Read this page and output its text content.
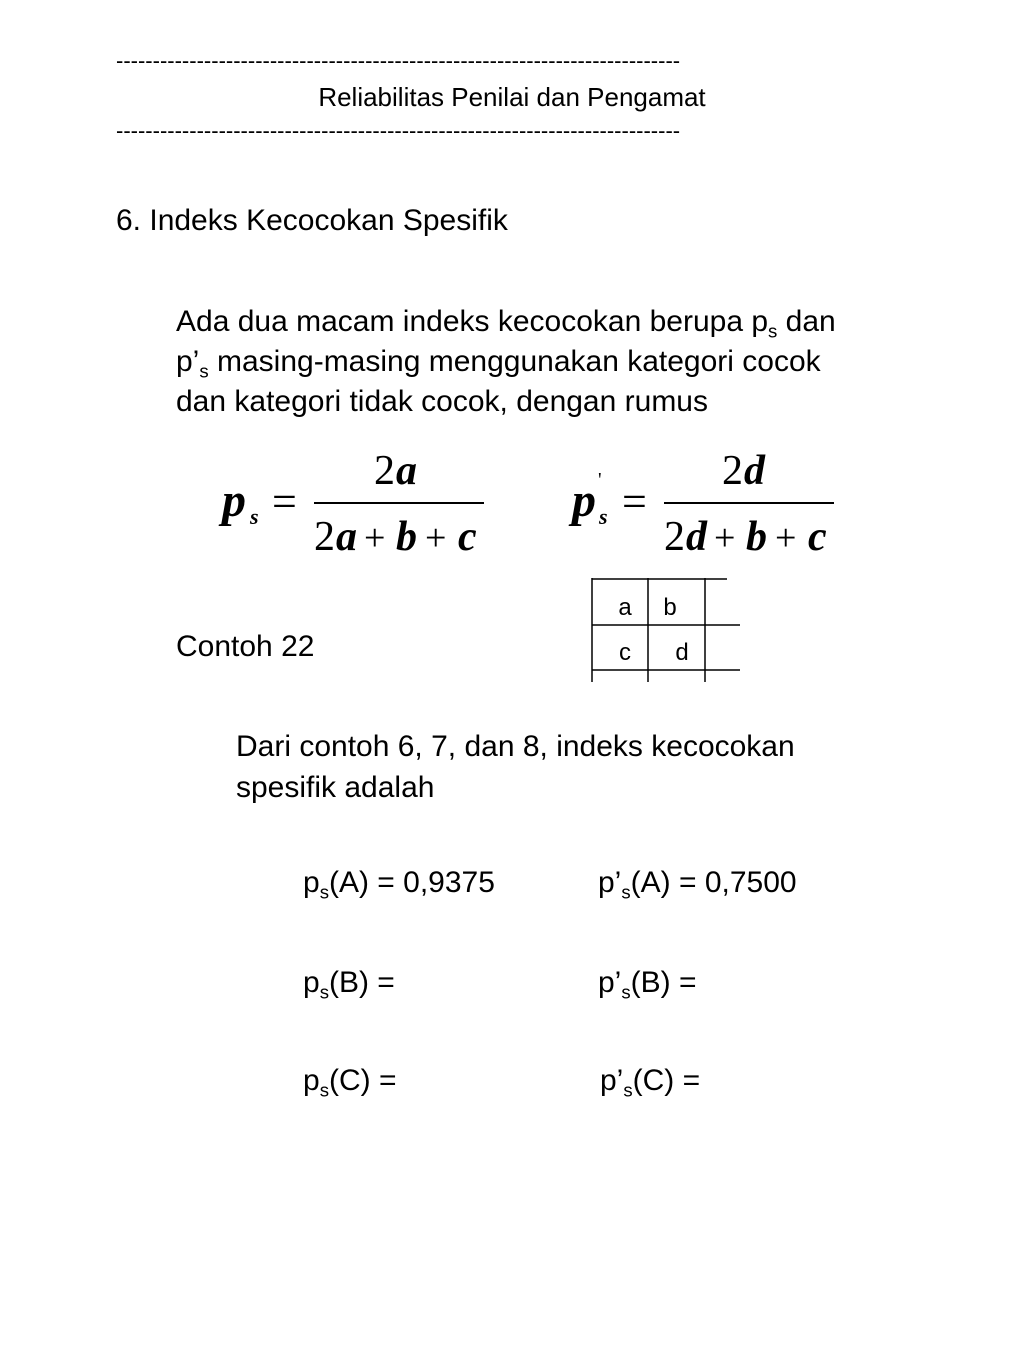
-----------------------------------------------------------------------------
Reliabilitas Penilai dan Pengamat
-----------------------------------------------------------------------------
6. Indeks Kecocokan Spesifik
Ada dua macam indeks kecocokan berupa $p_s$ dan
$p’_s$ masing-masing menggunakan kategori cocok
dan kategori tidak cocok, dengan rumus
p s =
2 a
2 a + b + c
p '
s =
2 d
2 d + b + c
a b
c d
Contoh 22
Dari contoh 6, 7, dan 8, indeks kecocokan
spesifik adalah
$p_s(A) = 0,9375$	$p’_s(A) = 0,7500$
$p_s(B)$ =	$p’_s(B)$ =
$p_s(C)$ =	$p’_s(C)$ =
